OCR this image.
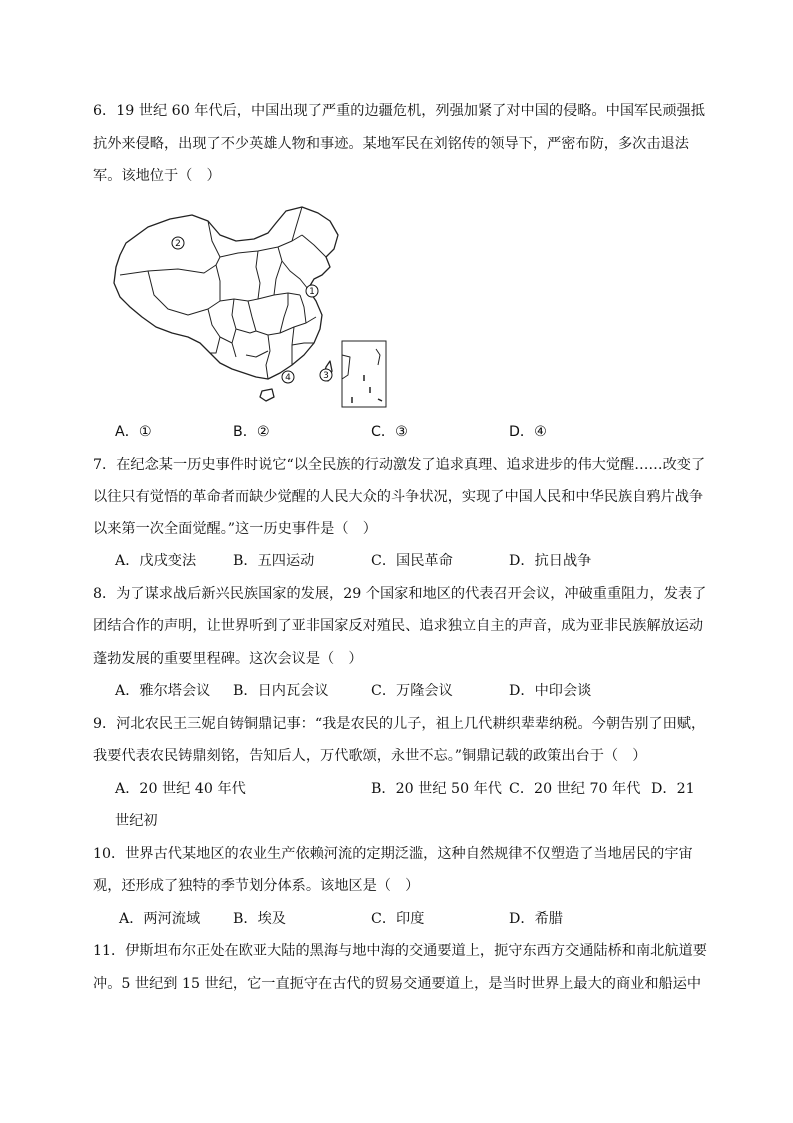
6．19 世纪 60 年代后，中国出现了严重的边疆危机，列强加紧了对中国的侵略。中国军民顽强抵
抗外来侵略，出现了不少英雄人物和事迹。某地军民在刘铭传的领导下，严密布防，多次击退法
军。该地位于（　）
1
2
3
4
A．①	B．②	C．③	D．④
7．在纪念某一历史事件时说它“以全民族的行动激发了追求真理、追求进步的伟大觉醒……改变了
以往只有觉悟的革命者而缺少觉醒的人民大众的斗争状况，实现了中国人民和中华民族自鸦片战争
以来第一次全面觉醒。”这一历史事件是（　）
A．戊戌变法	B．五四运动	C．国民革命	D．抗日战争
8．为了谋求战后新兴民族国家的发展，29 个国家和地区的代表召开会议，冲破重重阻力，发表了
团结合作的声明，让世界听到了亚非国家反对殖民、追求独立自主的声音，成为亚非民族解放运动
蓬勃发展的重要里程碑。这次会议是（　）
A．雅尔塔会议 B．日内瓦会议	C．万隆会议	D．中印会谈
9．河北农民王三妮自铸铜鼎记事：“我是农民的儿子，祖上几代耕织辈辈纳税。今朝告别了田赋，
我要代表农民铸鼎刻铭，告知后人，万代歌颂，永世不忘。”铜鼎记载的政策出台于（　）
A．20 世纪 40 年代	B．20 世纪 50 年代 C．20 世纪 70 年代 D．21
世纪初
10．世界古代某地区的农业生产依赖河流的定期泛滥，这种自然规律不仅塑造了当地居民的宇宙
观，还形成了独特的季节划分体系。该地区是（　）
A．两河流域 B．埃及	C．印度	D．希腊
11．伊斯坦布尔正处在欧亚大陆的黑海与地中海的交通要道上，扼守东西方交通陆桥和南北航道要
冲。5 世纪到 15 世纪，它一直扼守在古代的贸易交通要道上，是当时世界上最大的商业和船运中
